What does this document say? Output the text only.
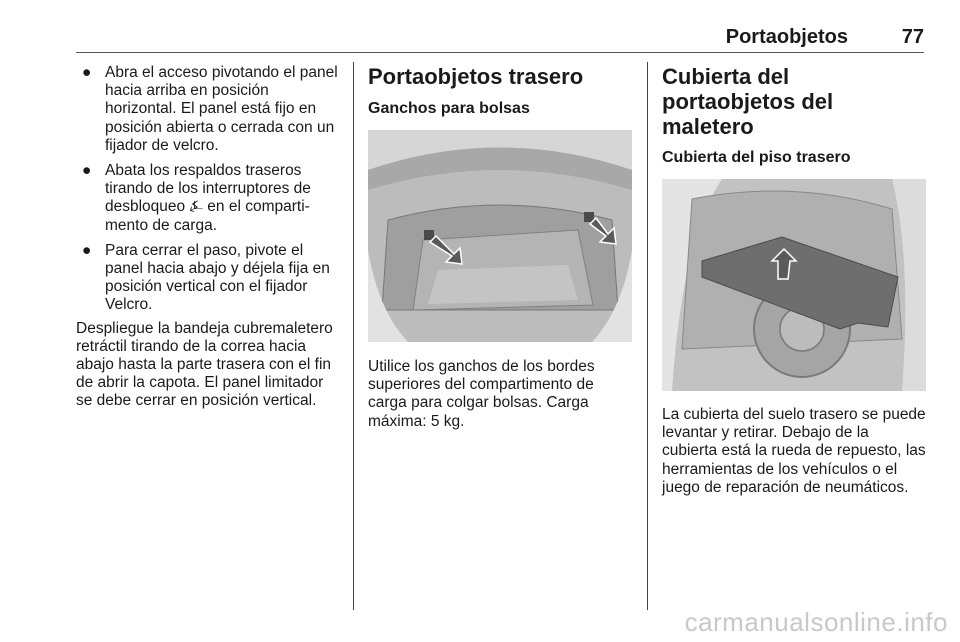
Portaobjetos	77
● Abra el acceso pivotando el panel hacia arriba en posición horizontal. El panel está fijo en posición abierta o cerrada con un fijador de velcro.
● Abata los respaldos traseros tirando de los interruptores de desbloqueo ⍼ en el comparti-mento de carga.
● Para cerrar el paso, pivote el panel hacia abajo y déjela fija en posición vertical con el fijador Velcro.

Despliegue la bandeja cubremaletero retráctil tirando de la correa hacia abajo hasta la parte trasera con el fin de abrir la capota. El panel limitador se debe cerrar en posición vertical.

Portaobjetos trasero
Ganchos para bolsas

Utilice los ganchos de los bordes superiores del compartimento de carga para colgar bolsas. Carga máxima: 5 kg.

Cubierta del portaobjetos del maletero
Cubierta del piso trasero

La cubierta del suelo trasero se puede levantar y retirar. Debajo de la cubierta está la rueda de repuesto, las herramientas de los vehículos o el juego de reparación de neumáticos.

carmanualsonline.info
